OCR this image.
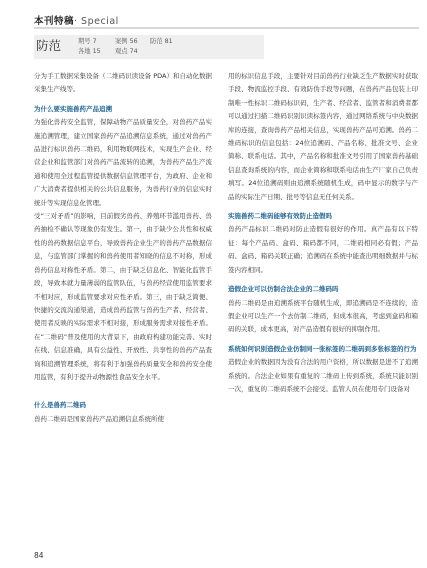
本刊特稿· Special
防范	期号 7	案例 56 防范 81
各地 15 观点 74

分为手工数据采集设备（二维码识读设备 PDA）和自动化数据采集生产线等。

为什么要实施兽药产品追溯

为强化兽药安全监管，保障动物产品质量安全，对兽药产品实施追溯管理，建立国家兽药产品追溯信息系统，通过对兽药产品进行标识兽药二维码，利用物联网技术，实现生产企业、经营企业和监管部门对兽药产品流转的追溯，为兽药产品生产流通和使用全过程监管提供数据信息管理平台，为政府、企业和广大消费者提供相关的公共信息服务，为兽药行业的信息实时统计等实现信息化管理。

受“三对矛盾”的影响，目前假劣兽药、养殖环节滥用兽药、兽药抽检不确认等现象仍有发生。第一，由于缺少公共性和权威性的兽药数据信息平台，导致兽药企业生产的兽药产品数据信息，与监管部门掌握的和兽药使用者知晓的信息不对称，形成兽药信息对称性矛盾。第二，由于缺乏信息化、智能化监管手段，导致本就力量薄弱的监管队伍，与兽药经营使用监管要求不相对应，形成监管要求对应性矛盾。第三，由于缺乏简便、快捷的交流沟通渠道，造成兽药监管与兽药生产者、经营者、使用者反映的实际需求不相对接，形成服务需求对接性矛盾。在“二维码”普及使用的大背景下，由政府构建功能完善、实时在线、信息准确，具有公益性、开放性、共享性的兽药产品查询和追溯管理系统，将有利于加强兽药质量安全和兽药安全使用监管，有利于提升动物源性食品安全水平。

什么是兽药二维码

兽药二维码是国家兽药产品追溯信息系统所使

用的标识信息手段，主要针对目前兽药行业缺乏生产数据实时获取手段、物流监控手段、有效防伪手段等问题，在兽药产品包装上印制唯一性标识二维码标识码，生产者、经营者、监管者和消费者都可以通过扫描二维码识别识读标签内容，通过网络系统与中央数据库的连接，查询兽药产品相关信息，实现兽药产品可追溯。兽药二维码标识的信息包括：24位追溯码、产品名称、批准文号、企业简称、联系电话。其中，产品名称和批准文号引用了国家兽药基础信息查询系统的内容，而企业简称和联系电话由生产厂家自己负责填写。24位追溯码则由追溯系统随机生成，码中显示的数字与产品的实际生产日期、批号等信息无任何关系。

实施兽药二维码能够有效防止造假吗

兽药产品标识二维码对防止造假有很好的作用。真产品有以下特征：每个产品码、盒码、箱码都不同，二维码相同必有假；产品码、盒码、箱码关联正确；追溯码在系统中能查出明细数据并与标签内容相同。

造假企业可以仿制合法企业的二维码吗

兽药二维码是由追溯系统平台随机生成，即追溯码是不连续的，造假企业可以生产一个去仿制二维码，但成本很高，考虑到盒码和箱码的关联，成本更高，对产品造假有很好的抑制作用。

系统如何识别造假企业仿制同一张标签的二维码到多张标签的行为

造假企业的数据因为没有合法的用户资格，所以数据是进不了追溯系统的。合法企业如果有重复的二维码上传到系统，系统只能识别一次，重复的二维码系统不会接受。监管人员在使用专门设备对

84
